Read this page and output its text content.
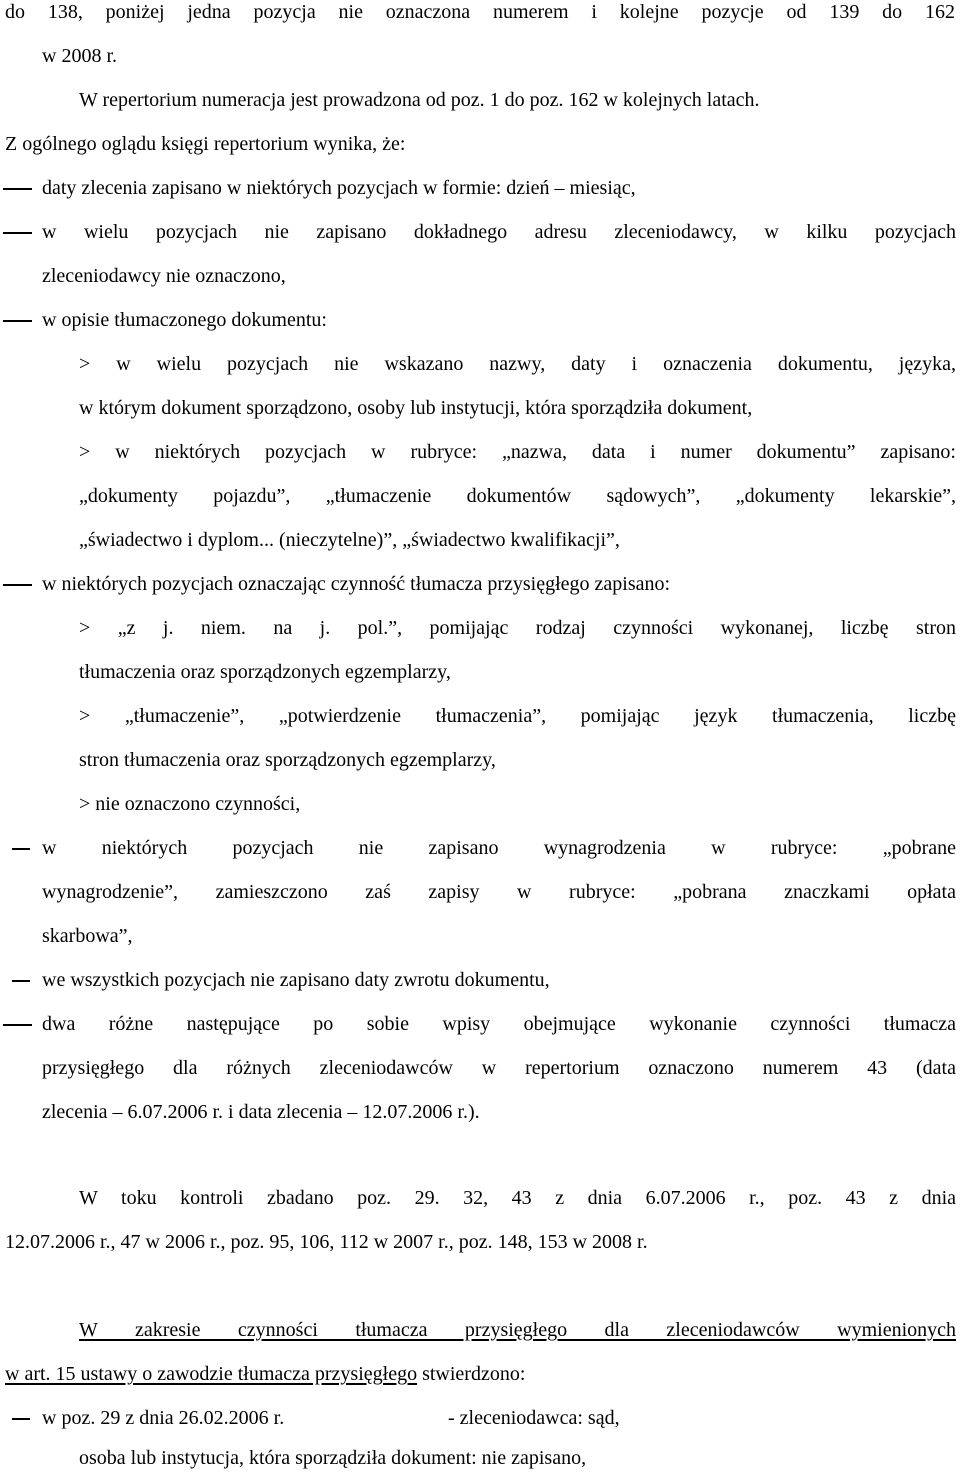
do 138, poniżej jedna pozycja nie oznaczona numerem i kolejne pozycje od 139 do 162

w 2008 r.

W repertorium numeracja jest prowadzona od poz. 1 do poz. 162 w kolejnych latach.

Z ogólnego oglądu księgi repertorium wynika, że:

daty zlecenia zapisano w niektórych pozycjach w formie: dzień – miesiąc,

w wielu pozycjach nie zapisano dokładnego adresu zleceniodawcy, w kilku pozycjach

zleceniodawcy nie oznaczono,

w opisie tłumaczonego dokumentu:

> w wielu pozycjach nie wskazano nazwy, daty i oznaczenia dokumentu, języka,

w którym dokument sporządzono, osoby lub instytucji, która sporządziła dokument,

> w niektórych pozycjach w rubryce: „nazwa, data i numer dokumentu” zapisano:

„dokumenty pojazdu”, „tłumaczenie dokumentów sądowych”, „dokumenty lekarskie”,

„świadectwo i dyplom... (nieczytelne)”, „świadectwo kwalifikacji”,

w niektórych pozycjach oznaczając czynność tłumacza przysięgłego zapisano:

> „z j. niem. na j. pol.”, pomijając rodzaj czynności wykonanej, liczbę stron

tłumaczenia oraz sporządzonych egzemplarzy,

> „tłumaczenie”, „potwierdzenie tłumaczenia”, pomijając język tłumaczenia, liczbę

stron tłumaczenia oraz sporządzonych egzemplarzy,

> nie oznaczono czynności,

w niektórych pozycjach nie zapisano wynagrodzenia w rubryce: „pobrane

wynagrodzenie”, zamieszczono zaś zapisy w rubryce: „pobrana znaczkami opłata

skarbowa”,

we wszystkich pozycjach nie zapisano daty zwrotu dokumentu,

dwa różne następujące po sobie wpisy obejmujące wykonanie czynności tłumacza

przysięgłego dla różnych zleceniodawców w repertorium oznaczono numerem 43 (data

zlecenia – 6.07.2006 r. i data zlecenia – 12.07.2006 r.).

W toku kontroli zbadano poz. 29. 32, 43 z dnia 6.07.2006 r., poz. 43 z dnia

12.07.2006 r., 47 w 2006 r., poz. 95, 106, 112 w 2007 r., poz. 148, 153 w 2008 r.

W zakresie czynności tłumacza przysięgłego dla zleceniodawców wymienionych

w art. 15 ustawy o zawodzie tłumacza przysięgłego stwierdzono:

w poz. 29 z dnia 26.02.2006 r.	- zleceniodawca: sąd,

osoba lub instytucja, która sporządziła dokument: nie zapisano,
